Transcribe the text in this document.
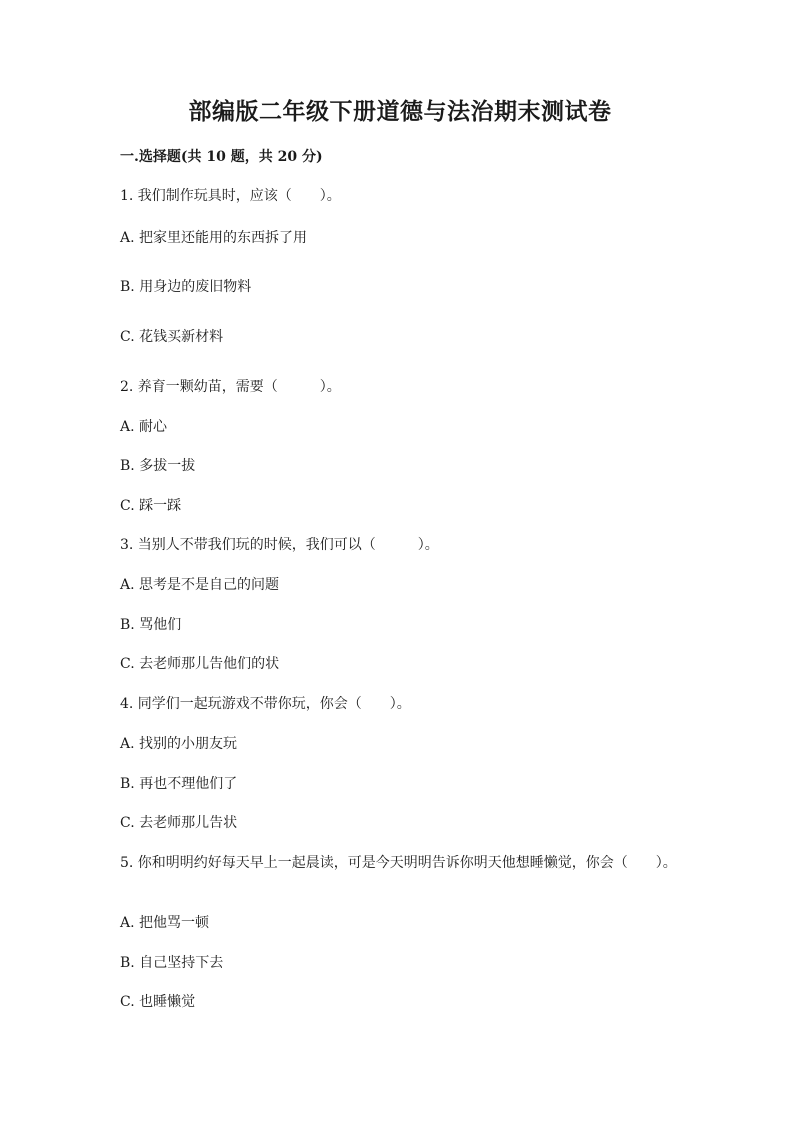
部编版二年级下册道德与法治期末测试卷
一.选择题(共 10 题，共 20 分)
1. 我们制作玩具时，应该（　　）。
A. 把家里还能用的东西拆了用
B. 用身边的废旧物料
C. 花钱买新材料
2. 养育一颗幼苗，需要（　　　）。
A. 耐心
B. 多拔一拔
C. 踩一踩
3. 当别人不带我们玩的时候，我们可以（　　　）。
A. 思考是不是自己的问题
B. 骂他们
C. 去老师那儿告他们的状
4. 同学们一起玩游戏不带你玩，你会（　　）。
A. 找别的小朋友玩
B. 再也不理他们了
C. 去老师那儿告状
5. 你和明明约好每天早上一起晨读，可是今天明明告诉你明天他想睡懒觉，你会（　　）。
A. 把他骂一顿
B. 自己坚持下去
C. 也睡懒觉
